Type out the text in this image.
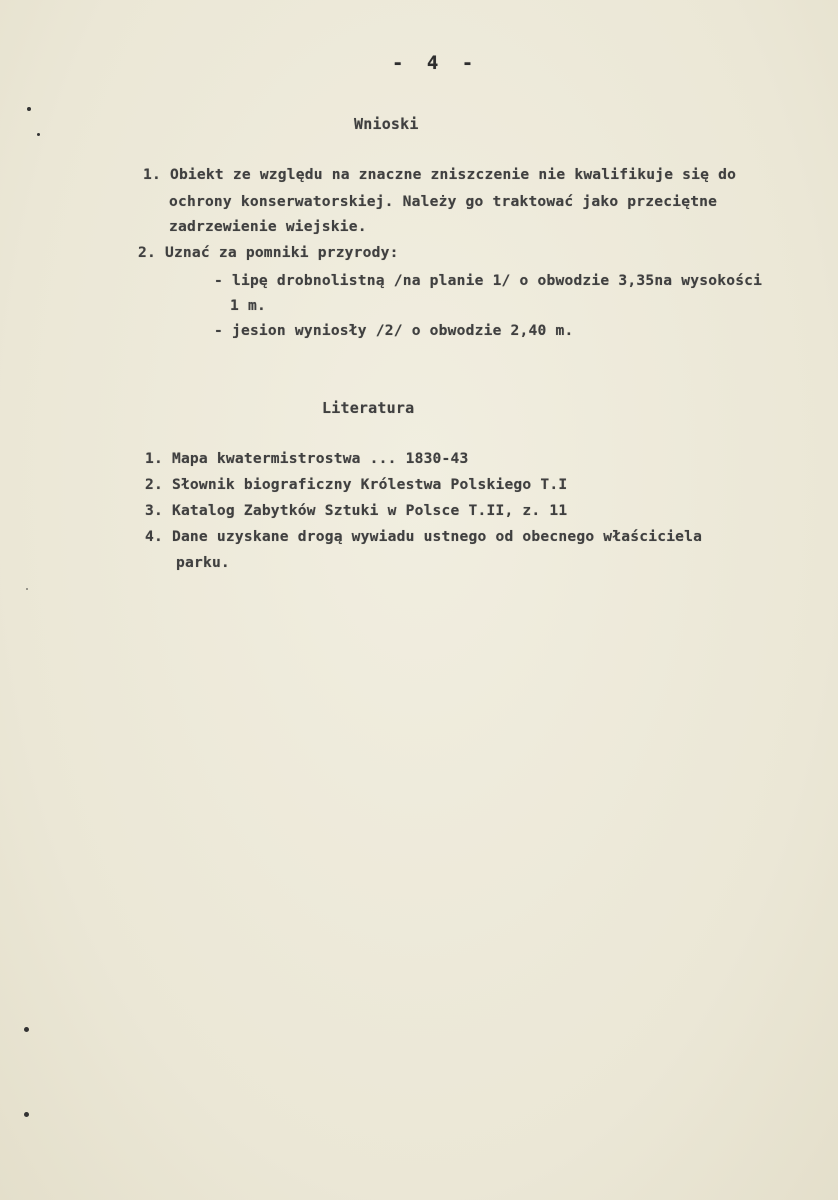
- 4 -
Wnioski
1. Obiekt ze względu na znaczne zniszczenie nie kwalifikuje się do
ochrony konserwatorskiej. Należy go traktować jako przeciętne
zadrzewienie wiejskie.
2. Uznać za pomniki przyrody:
- lipę drobnolistną /na planie 1/ o obwodzie 3,35na wysokości
1 m.
- jesion wyniosły /2/ o obwodzie 2,40 m.
Literatura
1. Mapa kwatermistrostwa ... 1830-43
2. Słownik biograficzny Królestwa Polskiego T.I
3. Katalog Zabytków Sztuki w Polsce T.II, z. 11
4. Dane uzyskane drogą wywiadu ustnego od obecnego właściciela
parku.
